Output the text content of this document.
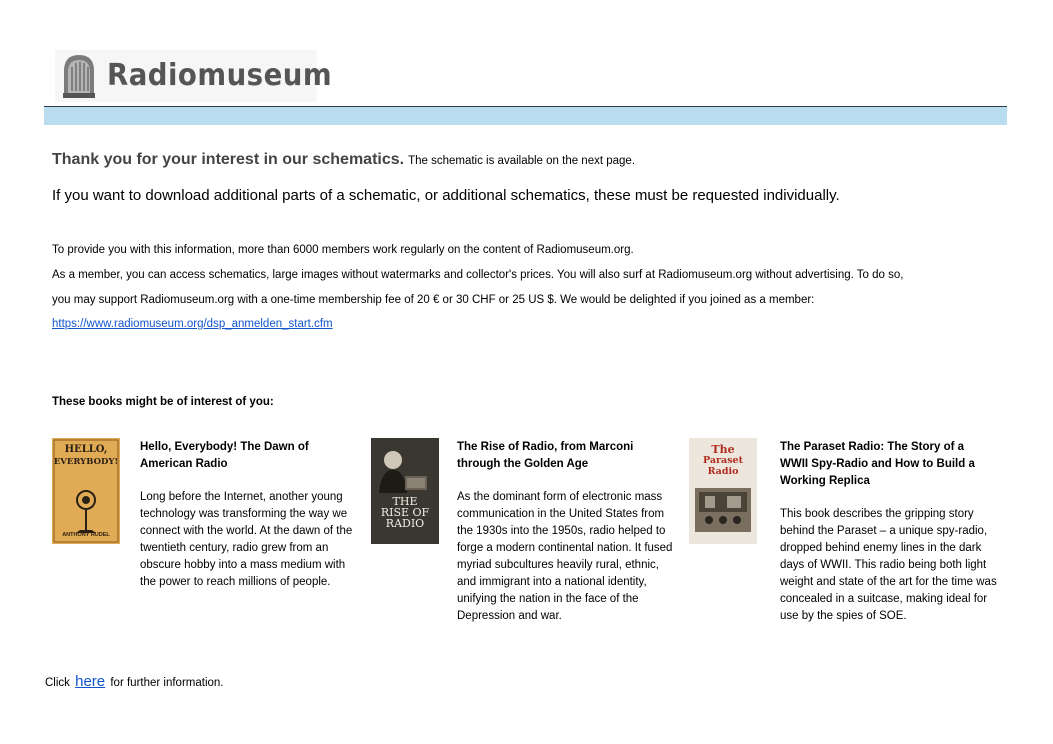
Radiomuseum
Thank you for your interest in our schematics. The schematic is available on the next page.
If you want to download additional parts of a schematic, or additional schematics, these must be requested individually.
To provide you with this information, more than 6000 members work regularly on the content of Radiomuseum.org.
As a member, you can access schematics, large images without watermarks and collector's prices. You will also surf at Radiomuseum.org without advertising. To do so,
you may support Radiomuseum.org with a one-time membership fee of 20 € or 30 CHF or 25 US $. We would be delighted if you joined as a member:
https://www.radiomuseum.org/dsp_anmelden_start.cfm
These books might be of interest of you:
HELLO,
EVERYBODY!
ANTHONY RUDEL
Hello, Everybody! The Dawn of American Radio
Long before the Internet, another young technology was transforming the way we connect with the world. At the dawn of the twentieth century, radio grew from an obscure hobby into a mass medium with the power to reach millions of people.
THE
RISE OF
RADIO
The Rise of Radio, from Marconi through the Golden Age
As the dominant form of electronic mass communication in the United States from the 1930s into the 1950s, radio helped to forge a modern continental nation. It fused myriad subcultures heavily rural, ethnic, and immigrant into a national identity, unifying the nation in the face of the Depression and war.
The
Paraset Radio
The Paraset Radio: The Story of a WWII Spy-Radio and How to Build a Working Replica
This book describes the gripping story behind the Paraset – a unique spy-radio, dropped behind enemy lines in the dark days of WWII. This radio being both light weight and state of the art for the time was concealed in a suitcase, making ideal for use by the spies of SOE.
Click here for further information.
